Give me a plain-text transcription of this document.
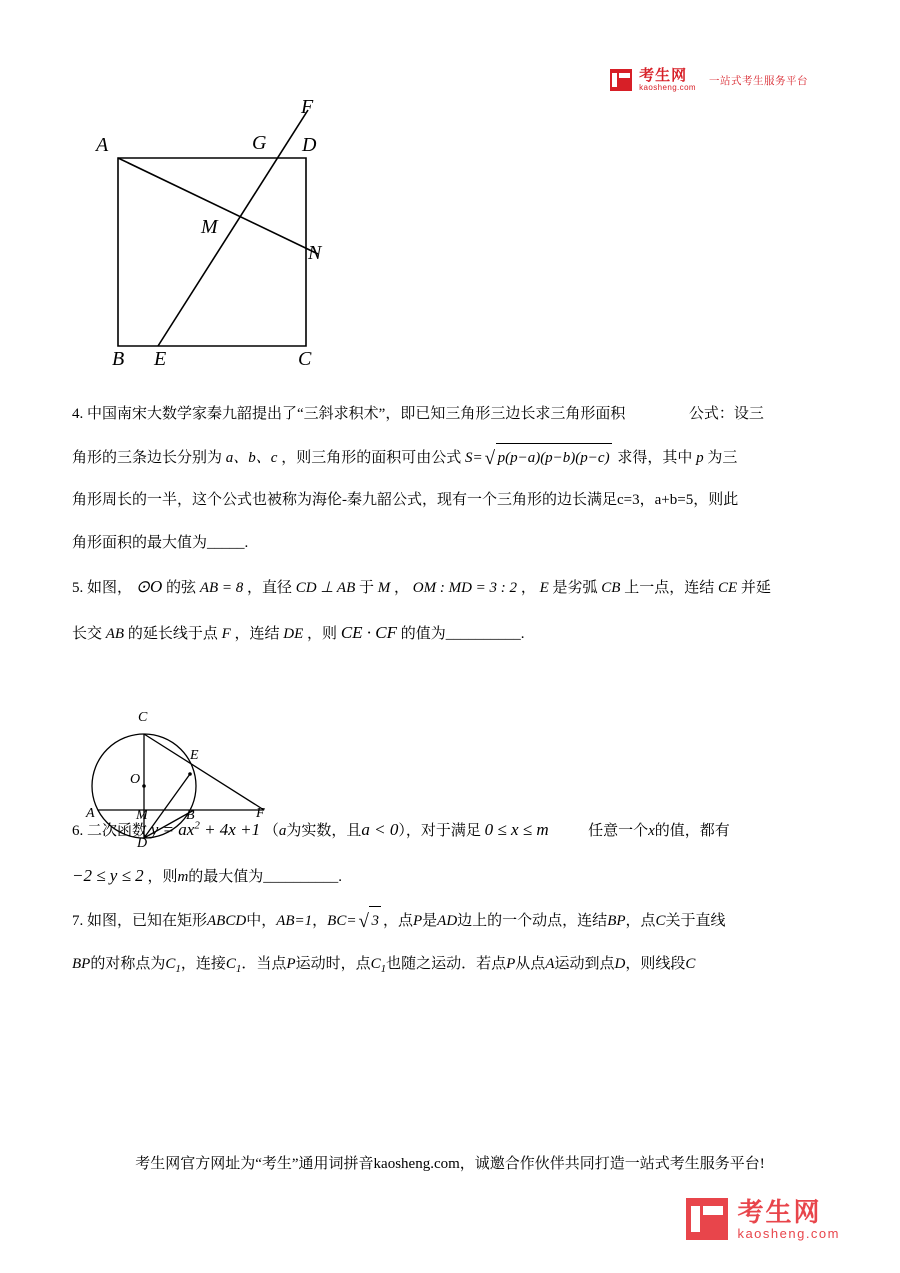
考生网
kaosheng.com
一站式考生服务平台
F
G D
A
M
N
B E	C

4. 中国南宋大数学家秦九韶提出了“三斜求积术”，即已知三角形三边长求三角形面积	公式：设三

角形的三条边长分别为 a、b、c ，则三角形的面积可由公式 S= √ p(p−a)(p−b)(p−c) 求得，其中 p 为三

角形周长的一半，这个公式也被称为海伦-秦九韶公式，现有一个三角形的边长满足c=3，a+b=5，则此

角形面积的最大值为_____.

5. 如图， ⊙O 的弦 AB = 8 ，直径 CD ⊥ AB 于 M ， OM : MD = 3 : 2 ， E 是劣弧 CB 上一点，连结 CE 并延

长交 AB 的延长线于点 F ，连结 DE ，则 CE · CF 的值为__________.

6. 二次函数 $y = ax^2 + 4x +1$ （a为实数，且a < 0），对于满足 0 ≤ x ≤ m	任意一个x的值，都有

−2 ≤ y ≤ 2 ，则m的最大值为__________.

7. 如图，已知在矩形ABCD中，AB=1，BC= √ 3 ，点P是AD边上的一个动点，连结BP，点C关于直线

BP的对称点为$C_1$，连接$C_1$．当点P运动时，点$C_1$也随之运动．若点P从点A运动到点D，则线段C

C
E
O
A	M	B	F
D
考生网官方网址为“考生”通用词拼音kaosheng.com，诚邀合作伙伴共同打造一站式考生服务平台!
考生网
kaosheng.com
